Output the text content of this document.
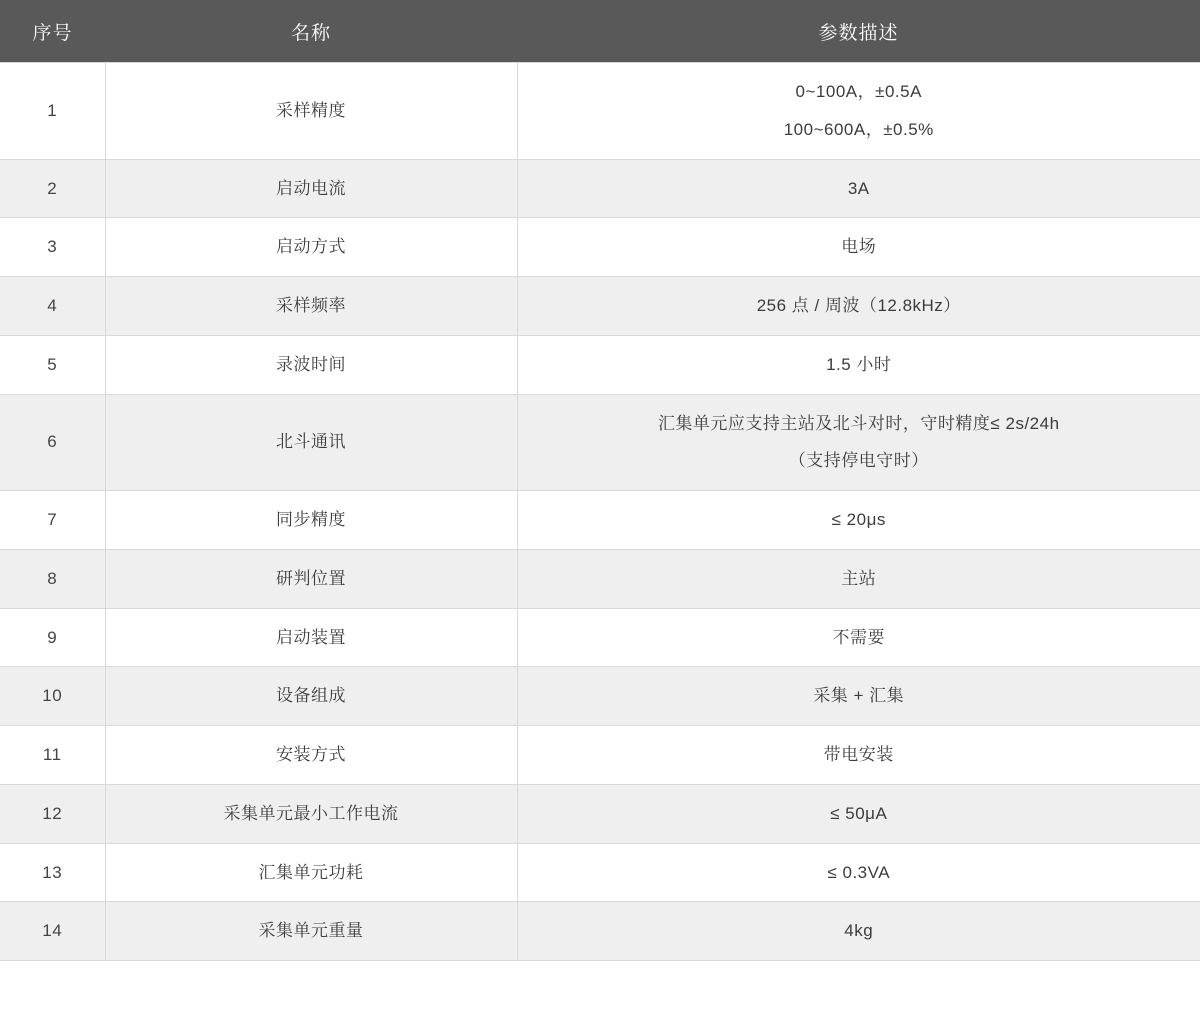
序号	名称	参数描述
1	采样精度	0~100A，±0.5A
100~600A，±0.5%

2	启动电流	3A

3	启动方式	电场

4	采样频率	256 点 / 周波（12.8kHz）

5	录波时间	1.5 小时

6	北斗通讯	汇集单元应支持主站及北斗对时，守时精度≤ 2s/24h
（支持停电守时）

7	同步精度	≤ 20μs

8	研判位置	主站

9	启动装置	不需要

10	设备组成	采集 + 汇集

11	安装方式	带电安装

12	采集单元最小工作电流	≤ 50μA

13	汇集单元功耗	≤ 0.3VA

14	采集单元重量	4kg
